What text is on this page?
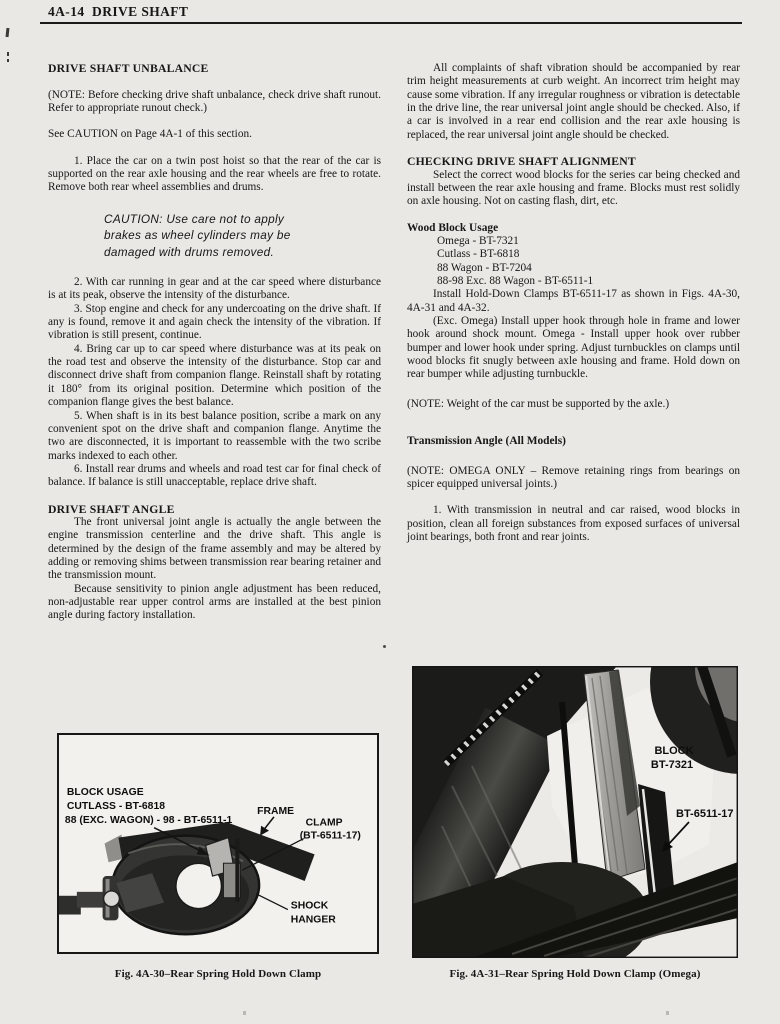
4A-14  DRIVE SHAFT
DRIVE SHAFT UNBALANCE

(NOTE: Before checking drive shaft unbalance, check drive shaft runout. Refer to appropriate runout check.)

See CAUTION on Page 4A-1 of this section.

1. Place the car on a twin post hoist so that the rear of the car is supported on the rear axle housing and the rear wheels are free to rotate. Remove both rear wheel assemblies and drums.

CAUTION: Use care not to apply
brakes as wheel cylinders may be
damaged with drums removed.

2. With car running in gear and at the car speed where disturbance is at its peak, observe the intensity of the disturbance.

3. Stop engine and check for any undercoating on the drive shaft. If any is found, remove it and again check the intensity of the vibration. If vibration is still present, continue.

4. Bring car up to car speed where disturbance was at its peak on the road test and observe the intensity of the disturbance. Stop car and disconnect drive shaft from companion flange. Reinstall shaft by rotating it 180° from its original position. Determine which position of the companion flange gives the best balance.

5. When shaft is in its best balance position, scribe a mark on any convenient spot on the drive shaft and companion flange. Anytime the two are disconnected, it is important to reassemble with the two scribe marks indexed to each other.

6. Install rear drums and wheels and road test car for final check of balance. If balance is still unacceptable, replace drive shaft.

DRIVE SHAFT ANGLE

The front universal joint angle is actually the angle between the engine transmission centerline and the drive shaft. This angle is determined by the design of the frame assembly and may be altered by adding or removing shims between transmission rear bearing retainer and the transmission mount.

Because sensitivity to pinion angle adjustment has been reduced, non-adjustable rear upper control arms are installed at the best pinion angle during factory installation.

All complaints of shaft vibration should be accompanied by rear trim height measurements at curb weight. An incorrect trim height may cause some vibration. If any irregular roughness or vibration is detectable in the drive line, the rear universal joint angle should be checked. Also, if a car is involved in a rear end collision and the rear axle housing is replaced, the rear universal joint angle should be checked.

CHECKING DRIVE SHAFT ALIGNMENT

Select the correct wood blocks for the series car being checked and install between the rear axle housing and frame. Blocks must rest solidly on axle housing. Not on casting flash, dirt, etc.

Wood Block Usage
Omega - BT-7321
Cutlass - BT-6818
88 Wagon - BT-7204
88-98 Exc. 88 Wagon - BT-6511-1

Install Hold-Down Clamps BT-6511-17 as shown in Figs. 4A-30, 4A-31 and 4A-32.

(Exc. Omega) Install upper hook through hole in frame and lower hook around shock mount. Omega - Install upper hook over rubber bumper and lower hook under spring. Adjust turnbuckles on clamps until wood blocks fit snugly between axle housing and frame. Hold down on rear bumper while adjusting turnbuckle.

(NOTE: Weight of the car must be supported by the axle.)

Transmission Angle (All Models)

(NOTE: OMEGA ONLY – Remove retaining rings from bearings on spicer equipped universal joints.)

1. With transmission in neutral and car raised, wood blocks in position, clean all foreign substances from exposed surfaces of universal joint bearings, both front and rear joints.

BLOCK USAGE
CUTLASS - BT-6818
88 (EXC. WAGON) - 98 - BT-6511-1
FRAME
CLAMP
(BT-6511-17)
SHOCK
HANGER
Fig. 4A-30–Rear Spring Hold Down Clamp
BLOCK
BT-7321
BT-6511-17
Fig. 4A-31–Rear Spring Hold Down Clamp (Omega)
